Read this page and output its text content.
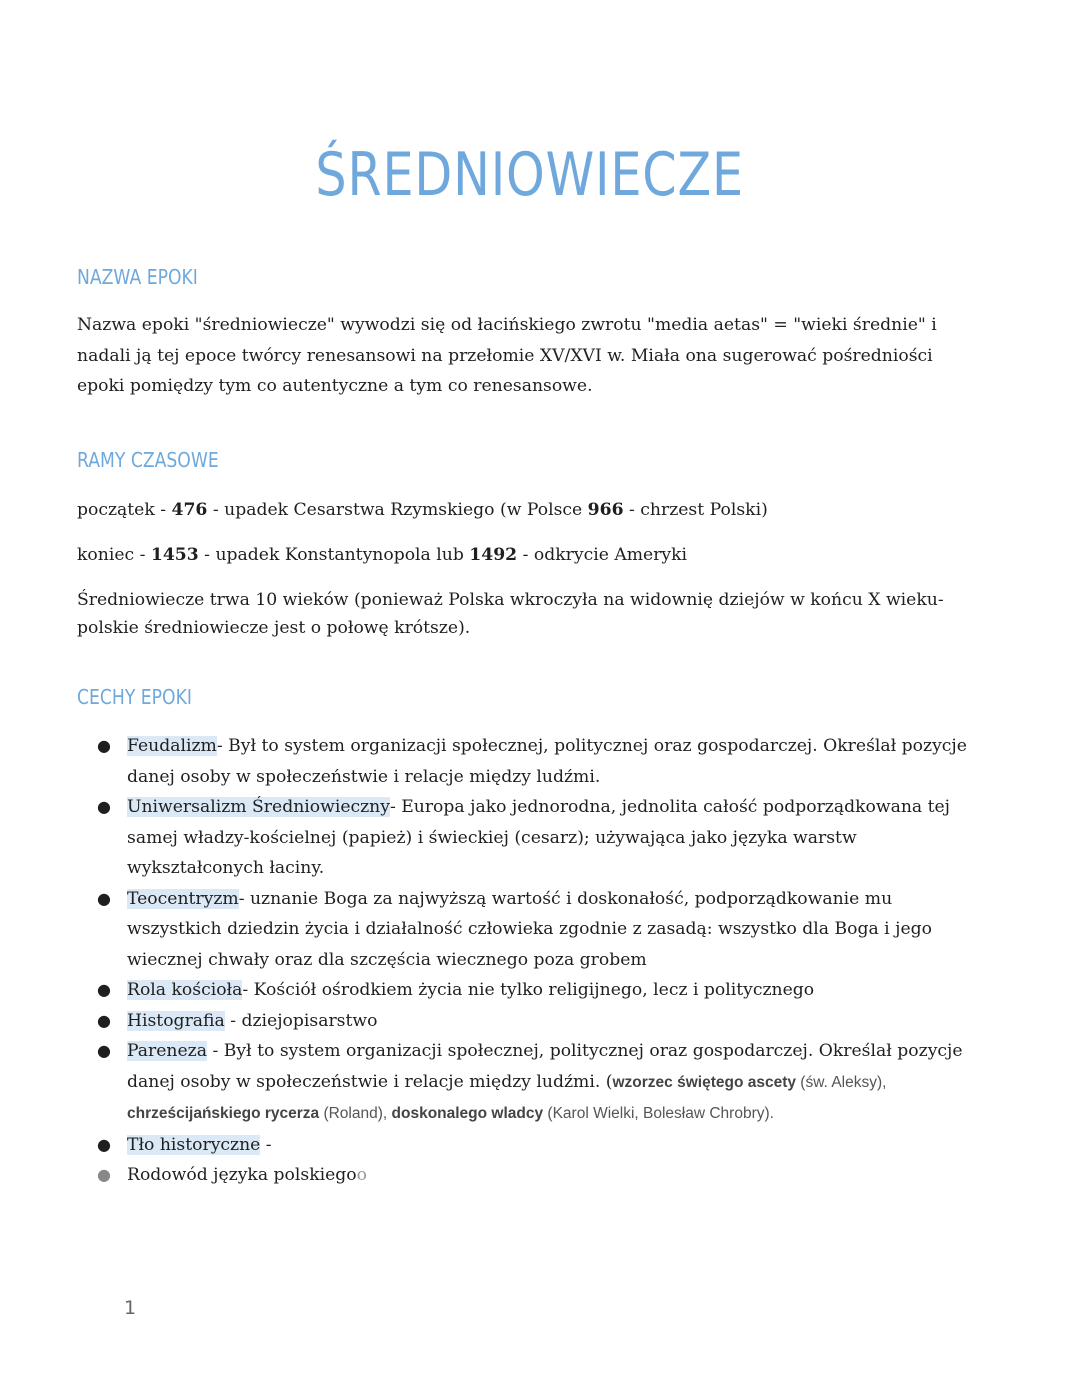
ŚREDNIOWIECZE
NAZWA EPOKI

Nazwa epoki "średniowiecze" wywodzi się od łacińskiego zwrotu "media aetas" = "wieki średnie" i nadali ją tej epoce twórcy renesansowi na przełomie XV/XVI w. Miała ona sugerować pośredniości epoki pomiędzy tym co autentyczne a tym co renesansowe.

RAMY CZASOWE

początek - 476 - upadek Cesarstwa Rzymskiego (w Polsce 966 - chrzest Polski)

koniec - 1453 - upadek Konstantynopola lub 1492 - odkrycie Ameryki

Średniowiecze trwa 10 wieków (ponieważ Polska wkroczyła na widownię dziejów w końcu X wieku-polskie średniowiecze jest o połowę krótsze).

CECHY EPOKI
● Feudalizm- Był to system organizacji społecznej, politycznej oraz gospodarczej. Określał pozycje danej osoby w społeczeństwie i relacje między ludźmi.
● Uniwersalizm Średniowieczny- Europa jako jednorodna, jednolita całość podporządkowana tej samej władzy-kościelnej (papież) i świeckiej (cesarz); używająca jako języka warstw wykształconych łaciny.
● Teocentryzm- uznanie Boga za najwyższą wartość i doskonałość, podporządkowanie mu wszystkich dziedzin życia i działalność człowieka zgodnie z zasadą: wszystko dla Boga i jego wiecznej chwały oraz dla szczęścia wiecznego poza grobem
● Rola kościoła- Kościół ośrodkiem życia nie tylko religijnego, lecz i politycznego
● Histografia - dziejopisarstwo
● Pareneza - Był to system organizacji społecznej, politycznej oraz gospodarczej. Określał pozycje danej osoby w społeczeństwie i relacje między ludźmi. (wzorzec świętego ascety (św. Aleksy), chrześcijańskiego rycerza (Roland), doskonalego wladcy (Karol Wielki, Bolesław Chrobry).
● Tło historyczne -
● Rodowód języka polskiegoo

1
